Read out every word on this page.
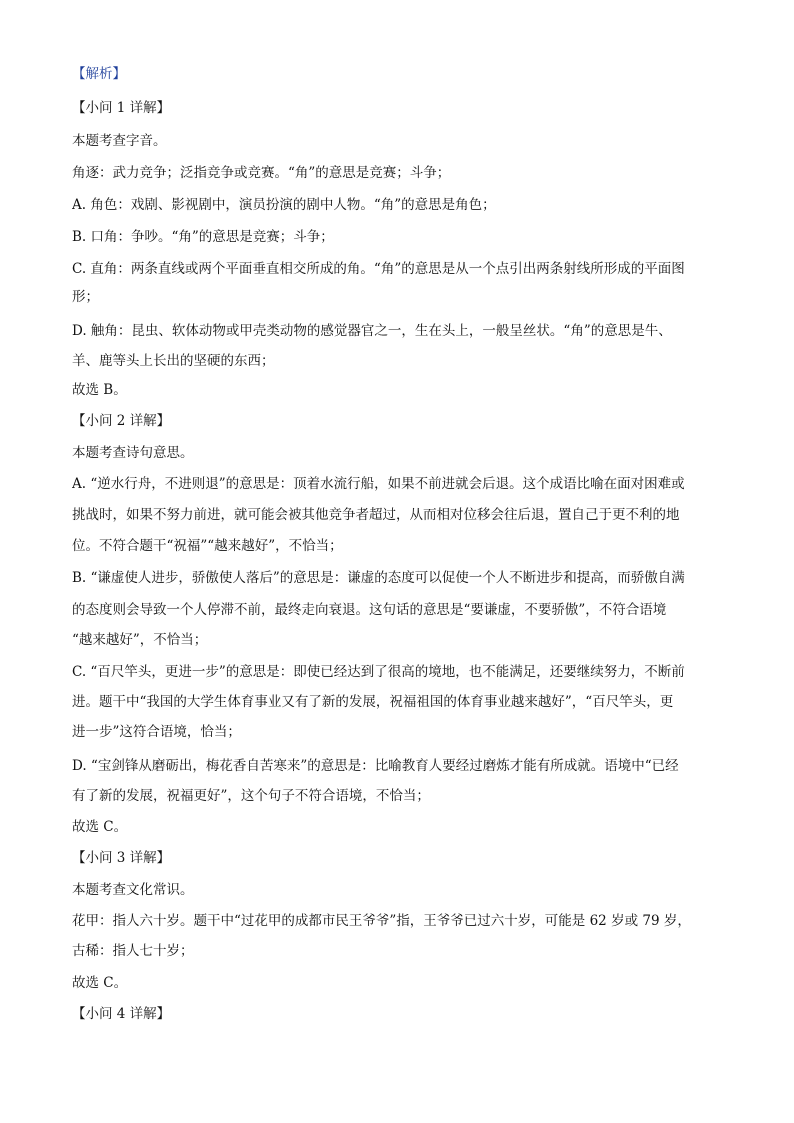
【解析】
【小问 1 详解】
本题考查字音。
角逐：武力竞争；泛指竞争或竞赛。“角”的意思是竞赛；斗争；
A. 角色：戏剧、影视剧中，演员扮演的剧中人物。“角”的意思是角色；
B. 口角：争吵。“角”的意思是竞赛；斗争；
C. 直角：两条直线或两个平面垂直相交所成的角。“角”的意思是从一个点引出两条射线所形成的平面图
形；
D. 触角：昆虫、软体动物或甲壳类动物的感觉器官之一，生在头上，一般呈丝状。“角”的意思是牛、
羊、鹿等头上长出的坚硬的东西；
故选 B。
【小问 2 详解】
本题考查诗句意思。
A. “逆水行舟，不进则退”的意思是：顶着水流行船，如果不前进就会后退。这个成语比喻在面对困难或
挑战时，如果不努力前进，就可能会被其他竞争者超过，从而相对位移会往后退，置自己于更不利的地
位。不符合题干“祝福”“越来越好”，不恰当；
B. “谦虚使人进步，骄傲使人落后”的意思是：谦虚的态度可以促使一个人不断进步和提高，而骄傲自满
的态度则会导致一个人停滞不前，最终走向衰退。这句话的意思是“要谦虚，不要骄傲”，不符合语境
“越来越好”，不恰当；
C. “百尺竿头，更进一步”的意思是：即使已经达到了很高的境地，也不能满足，还要继续努力，不断前
进。题干中“我国的大学生体育事业又有了新的发展，祝福祖国的体育事业越来越好”，“百尺竿头，更
进一步”这符合语境，恰当；
D. “宝剑锋从磨砺出，梅花香自苦寒来”的意思是：比喻教育人要经过磨炼才能有所成就。语境中“已经
有了新的发展，祝福更好”，这个句子不符合语境，不恰当；
故选 C。
【小问 3 详解】
本题考查文化常识。
花甲：指人六十岁。题干中“过花甲的成都市民王爷爷”指，王爷爷已过六十岁，可能是 62 岁或 79 岁，
古稀：指人七十岁；
故选 C。
【小问 4 详解】
